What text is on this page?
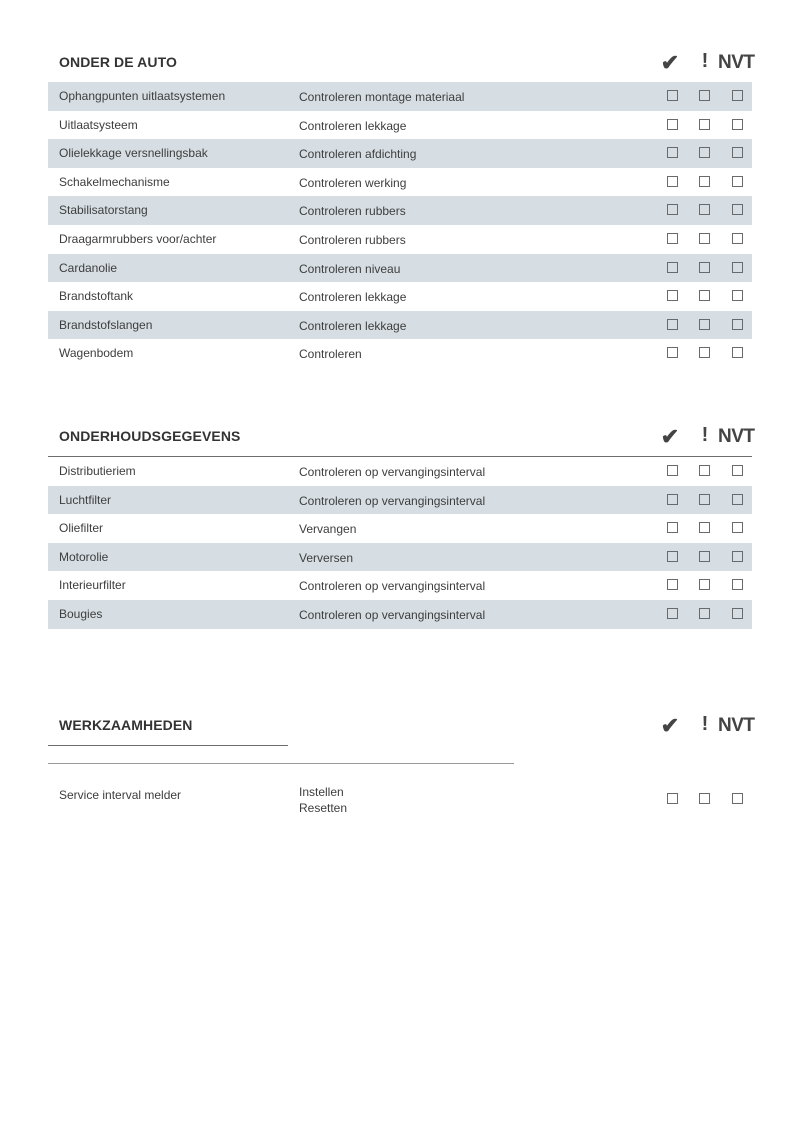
ONDER DE AUTO	✔	! NVT
Ophangpunten uitlaatsystemen	Controleren montage materiaal
Uitlaatsysteem	Controleren lekkage
Olielekkage versnellingsbak	Controleren afdichting
Schakelmechanisme	Controleren werking
Stabilisatorstang	Controleren rubbers
Draagarmrubbers voor/achter	Controleren rubbers
Cardanolie	Controleren niveau
Brandstoftank	Controleren lekkage
Brandstofslangen	Controleren lekkage
Wagenbodem	Controleren
ONDERHOUDSGEGEVENS	✔	! NVT
Distributieriem	Controleren op vervangingsinterval
Luchtfilter	Controleren op vervangingsinterval
Oliefilter	Vervangen
Motorolie	Verversen
Interieurfilter	Controleren op vervangingsinterval
Bougies	Controleren op vervangingsinterval
WERKZAAMHEDEN	✔	! NVT
Service interval melder	Instellen
Resetten
